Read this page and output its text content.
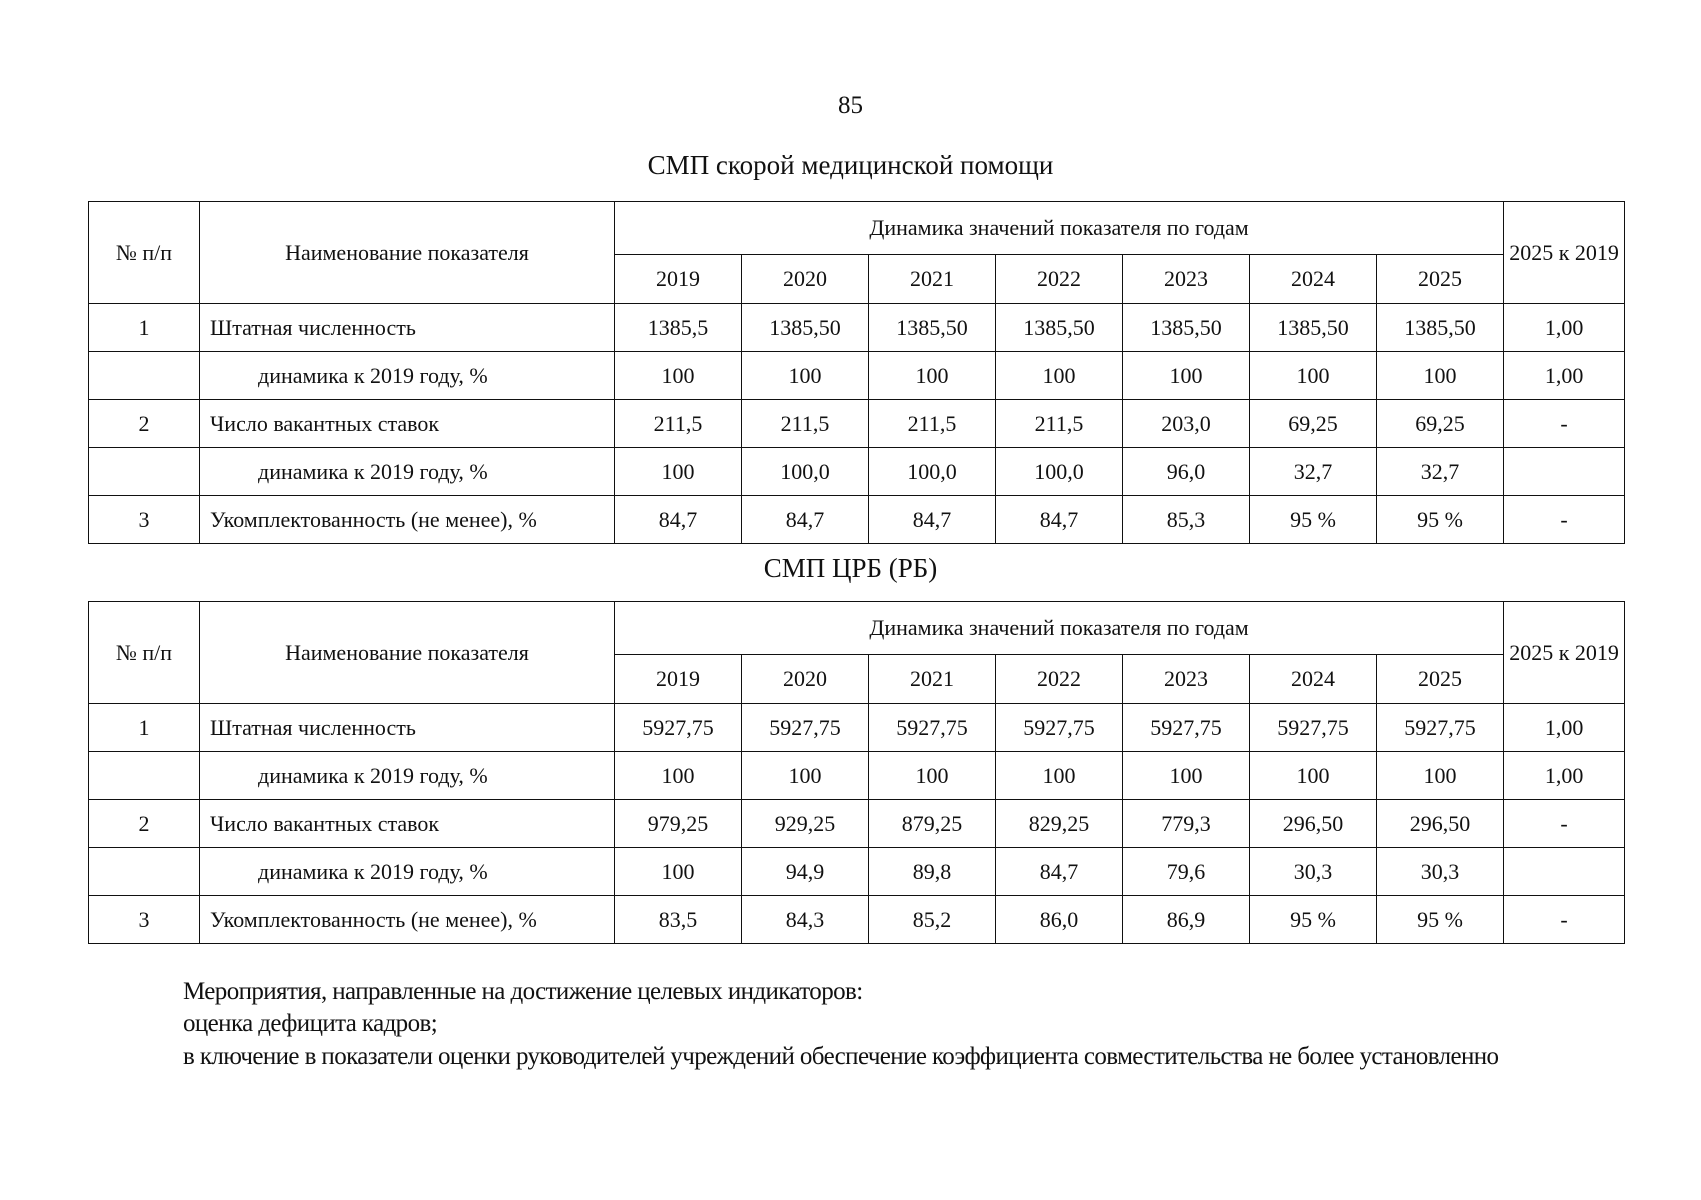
85
СМП скорой медицинской помощи
№ п/п	Наименование показателя	Динамика значений показателя по годам							2025 к 2019
		2019	2020	2021	2022	2023	2024	2025	
1	Штатная численность	1385,5	1385,50	1385,50	1385,50	1385,50	1385,50	1385,50	1,00
	динамика к 2019 году, %	100	100	100	100	100	100	100	1,00
2	Число вакантных ставок	211,5	211,5	211,5	211,5	203,0	69,25	69,25	-
	динамика к 2019 году, %	100	100,0	100,0	100,0	96,0	32,7	32,7	
3	Укомплектованность (не менее), %	84,7	84,7	84,7	84,7	85,3	95 %	95 %	-
СМП ЦРБ (РБ)
№ п/п	Наименование показателя	Динамика значений показателя по годам							2025 к 2019
		2019	2020	2021	2022	2023	2024	2025	
1	Штатная численность	5927,75	5927,75	5927,75	5927,75	5927,75	5927,75	5927,75	1,00
	динамика к 2019 году, %	100	100	100	100	100	100	100	1,00
2	Число вакантных ставок	979,25	929,25	879,25	829,25	779,3	296,50	296,50	-
	динамика к 2019 году, %	100	94,9	89,8	84,7	79,6	30,3	30,3	
3	Укомплектованность (не менее), %	83,5	84,3	85,2	86,0	86,9	95 %	95 %	-
Мероприятия, направленные на достижение целевых индикаторов:
оценка дефицита кадров;
в ключение в показатели оценки руководителей учреждений обеспечение коэффициента совместительства не более установленно
